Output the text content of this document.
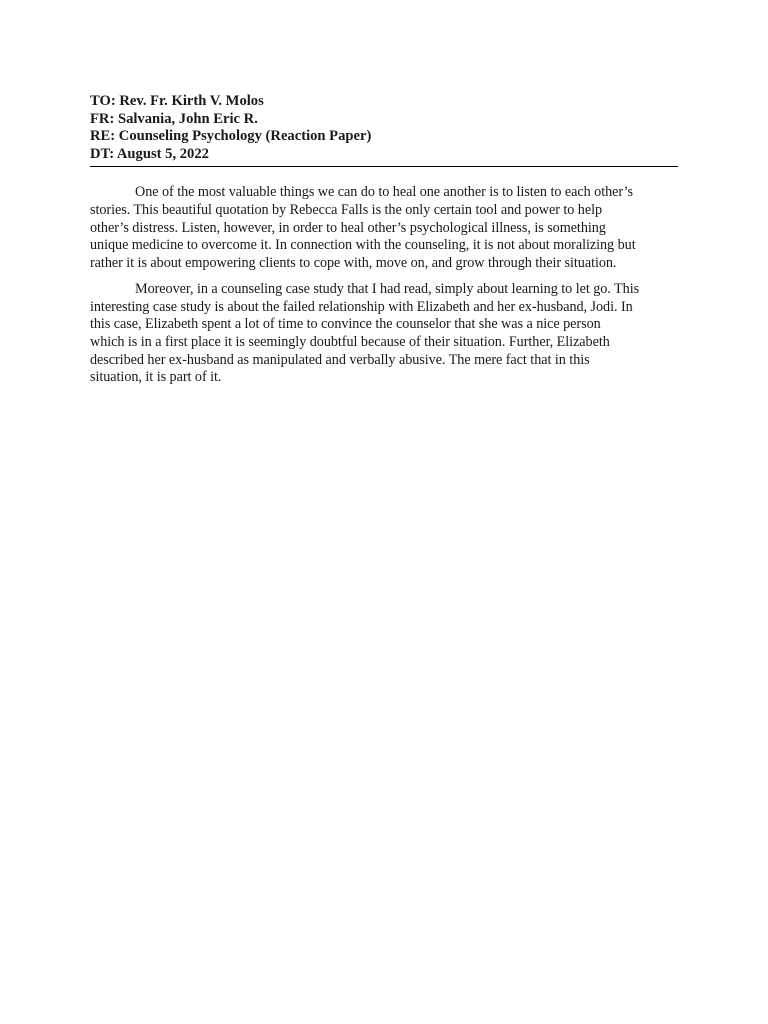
TO: Rev. Fr. Kirth V. Molos
FR: Salvania, John Eric R.
RE: Counseling Psychology (Reaction Paper)
DT: August 5, 2022
One of the most valuable things we can do to heal one another is to listen to each other’s
stories. This beautiful quotation by Rebecca Falls is the only certain tool and power to help
other’s distress. Listen, however, in order to heal other’s psychological illness, is something
unique medicine to overcome it. In connection with the counseling, it is not about moralizing but
rather it is about empowering clients to cope with, move on, and grow through their situation.
Moreover, in a counseling case study that I had read, simply about learning to let go. This
interesting case study is about the failed relationship with Elizabeth and her ex-husband, Jodi. In
this case, Elizabeth spent a lot of time to convince the counselor that she was a nice person
which is in a first place it is seemingly doubtful because of their situation. Further, Elizabeth
described her ex-husband as manipulated and verbally abusive. The mere fact that in this
situation, it is part of it.
